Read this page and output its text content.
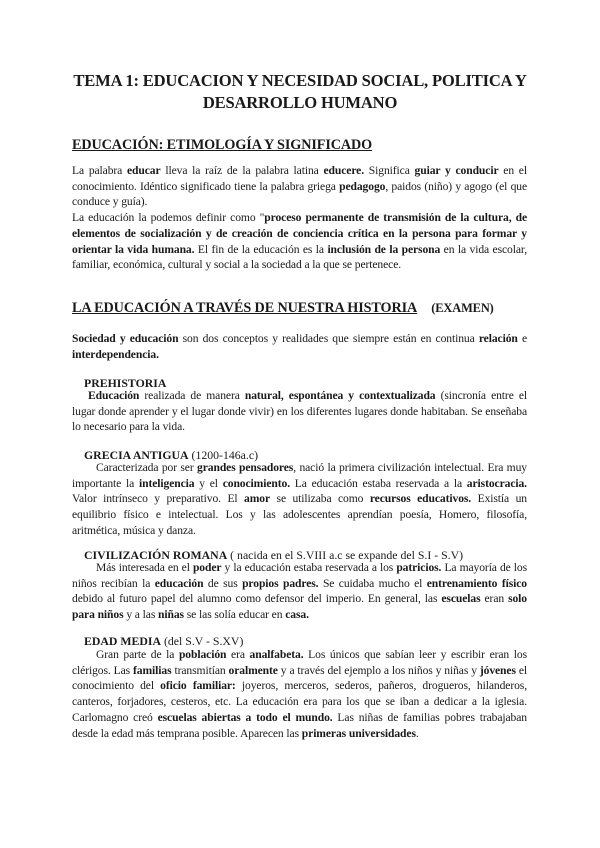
TEMA 1: EDUCACION Y NECESIDAD SOCIAL, POLITICA Y
DESARROLLO HUMANO
EDUCACIÓN: ETIMOLOGÍA Y SIGNIFICADO

La palabra educar lleva la raíz de la palabra latina educere. Significa guiar y conducir en el conocimiento. Idéntico significado tiene la palabra griega pedagogo, paidos (niño) y agogo (el que conduce y guía).

La educación la podemos definir como "proceso permanente de transmisión de la cultura, de elementos de socialización y de creación de conciencia crítica en la persona para formar y orientar la vida humana. El fin de la educación es la inclusión de la persona en la vida escolar, familiar, económica, cultural y social a la sociedad a la que se pertenece.

LA EDUCACIÓN A TRAVÉS DE NUESTRA HISTORIA (EXAMEN)

Sociedad y educación son dos conceptos y realidades que siempre están en continua relación e interdependencia.

PREHISTORIA

Educación realizada de manera natural, espontánea y contextualizada (sincronía entre el lugar donde aprender y el lugar donde vivir) en los diferentes lugares donde habitaban. Se enseñaba lo necesario para la vida.

GRECIA ANTIGUA (1200-146a.c)

Caracterizada por ser grandes pensadores, nació la primera civilización intelectual. Era muy importante la inteligencia y el conocimiento. La educación estaba reservada a la aristocracia. Valor intrínseco y preparativo. El amor se utilizaba como recursos educativos. Existía un equilibrio físico e intelectual. Los y las adolescentes aprendían poesía, Homero, filosofía, aritmética, música y danza.

CIVILIZACIÓN ROMANA ( nacida en el S.VIII a.c se expande del S.I - S.V)

Más interesada en el poder y la educación estaba reservada a los patricios. La mayoría de los niños recibían la educación de sus propios padres. Se cuidaba mucho el entrenamiento físico debido al futuro papel del alumno como defensor del imperio. En general, las escuelas eran solo para niños y a las niñas se las solía educar en casa.

EDAD MEDIA (del S.V - S.XV)

Gran parte de la población era analfabeta. Los únicos que sabían leer y escribir eran los clérigos. Las familias transmitían oralmente y a través del ejemplo a los niños y niñas y jóvenes el conocimiento del oficio familiar: joyeros, merceros, sederos, pañeros, drogueros, hilanderos, canteros, forjadores, cesteros, etc. La educación era para los que se iban a dedicar a la iglesia. Carlomagno creó escuelas abiertas a todo el mundo. Las niñas de familias pobres trabajaban desde la edad más temprana posible. Aparecen las primeras universidades.
